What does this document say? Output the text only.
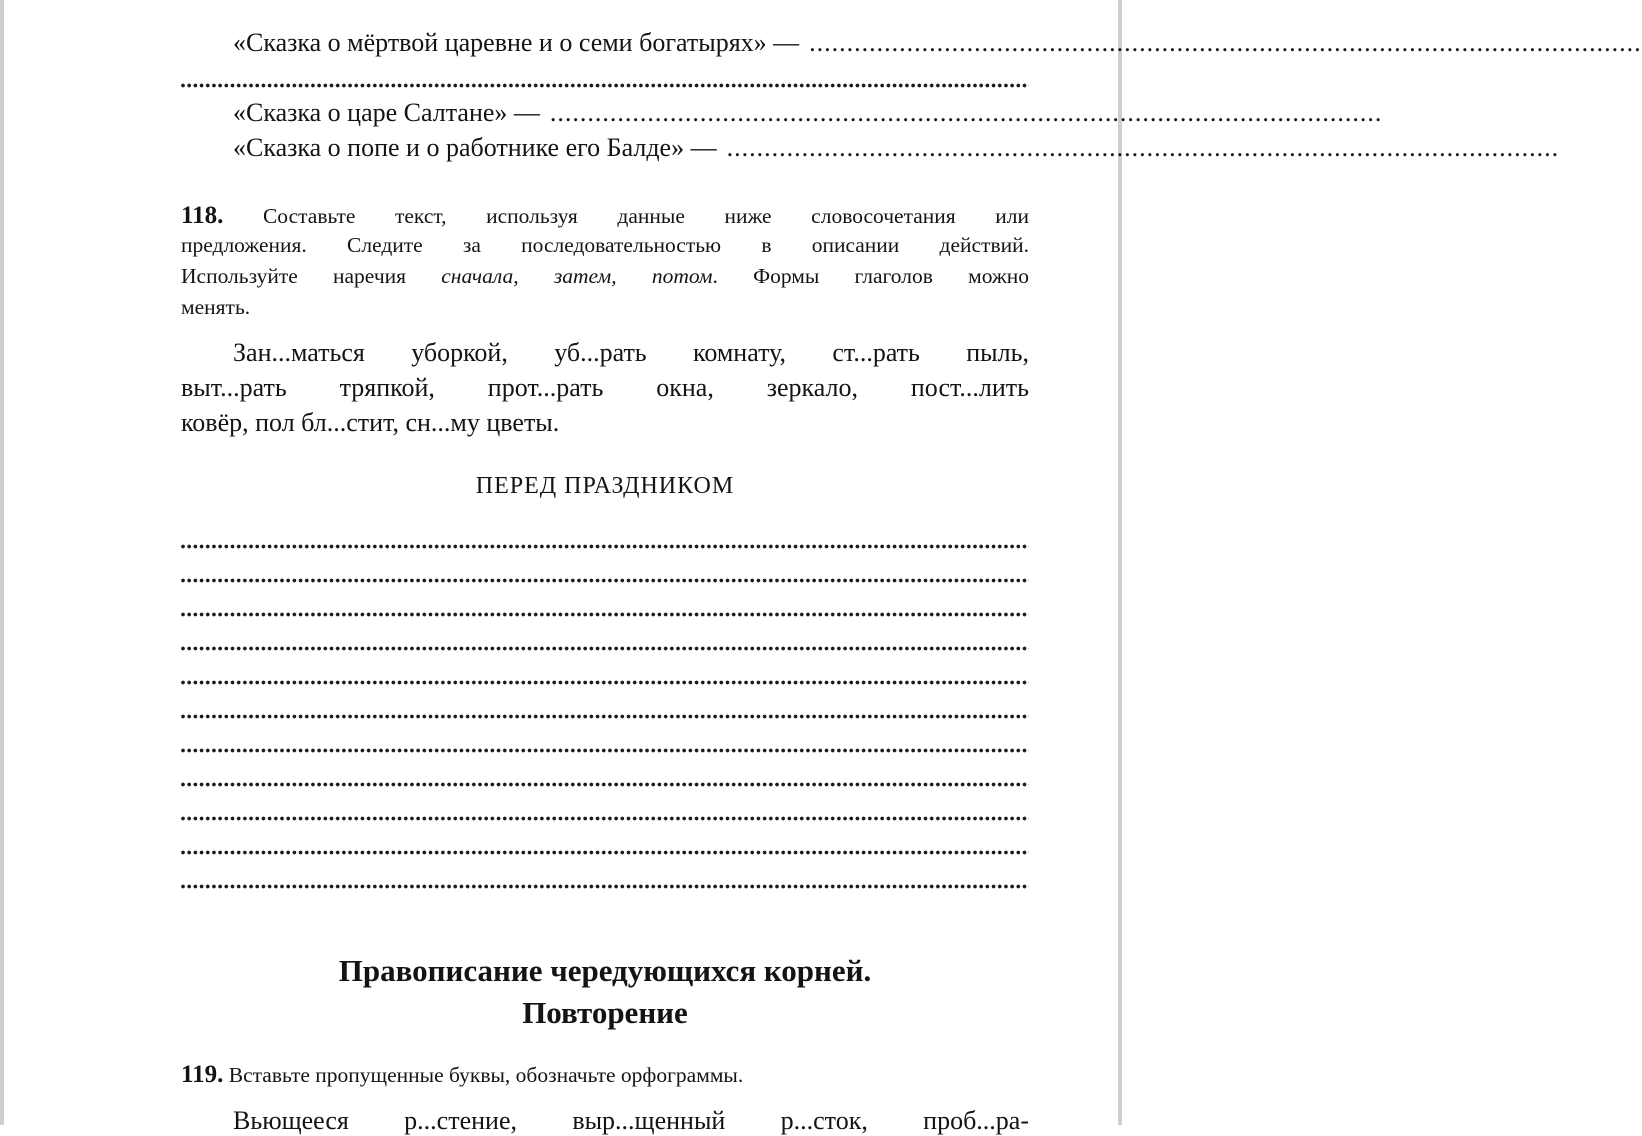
«Сказка о мёртвой царевне и о семи богатырях» — ...............................................................................................................
«Сказка о царе Салтане» — ...............................................................................................................
«Сказка о попе и о работнике его Балде» — ...............................................................................................................
118. Составьте текст, используя данные ниже словосочетания или
предложения. Следите за последовательностью в описании действий.
Используйте наречия сначала, затем, потом. Формы глаголов можно
менять.
Зан...маться уборкой, уб...рать комнату, ст...рать пыль,
выт...рать тряпкой, прот...рать окна, зеркало, пост...лить
ковёр, пол бл...стит, сн...му цветы.
ПЕРЕД ПРАЗДНИКОМ
Правописание чередующихся корней.
Повторение
119. Вставьте пропущенные буквы, обозначьте орфограммы.
Вьющееся р...стение, выр...щенный р...сток, проб...ра-
